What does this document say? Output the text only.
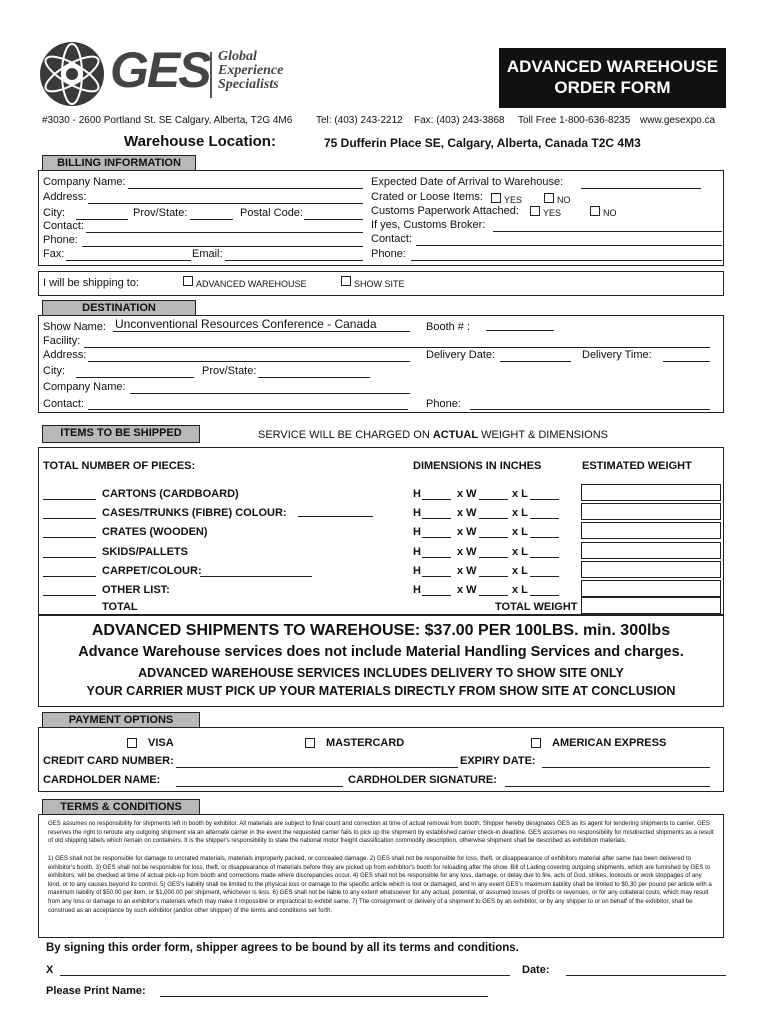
GES Global
Experience
Specialists
ADVANCED WAREHOUSE
ORDER FORM
#3030 - 2600 Portland St. SE Calgary, Alberta, T2G 4M6 Tel: (403) 243-2212 Fax: (403) 243-3868 Toll Free 1-800-636-8235 www.gesexpo.ca
Warehouse Location:	75 Dufferin Place SE, Calgary, Alberta, Canada T2C 4M3
BILLING INFORMATION
Company Name:
Address:
City:	Prov/State:	Postal Code:
Contact:
Phone:
Fax:	Email:
Expected Date of Arrival to Warehouse:
Crated or Loose Items: YES	NO
Customs Paperwork Attached:	YES	NO
If yes, Customs Broker:
Contact:
Phone:
I will be shipping to:	ADVANCED WAREHOUSE	SHOW SITE
DESTINATION
Show Name: Unconventional Resources Conference - Canada	Booth # :
Facility:
Address:	Delivery Date:	Delivery Time:
City:	Prov/State:
Company Name:
Contact:	Phone:
ITEMS TO BE SHIPPED	SERVICE WILL BE CHARGED ON ACTUAL WEIGHT & DIMENSIONS
TOTAL NUMBER OF PIECES:	DIMENSIONS IN INCHES	ESTIMATED WEIGHT
CARTONS (CARDBOARD)	H	x W	x L
CASES/TRUNKS (FIBRE) COLOUR:	H	x W	x L
CRATES (WOODEN)	H	x W	x L
SKIDS/PALLETS	H	x W	x L
CARPET/COLOUR:	H	x W	x L
OTHER LIST:	H	x W	x L
TOTAL	TOTAL WEIGHT
ADVANCED SHIPMENTS TO WAREHOUSE: $37.00 PER 100LBS. min. 300lbs
Advance Warehouse services does not include Material Handling Services and charges.
ADVANCED WAREHOUSE SERVICES INCLUDES DELIVERY TO SHOW SITE ONLY
YOUR CARRIER MUST PICK UP YOUR MATERIALS DIRECTLY FROM SHOW SITE AT CONCLUSION
PAYMENT OPTIONS
VISA	MASTERCARD	AMERICAN EXPRESS
CREDIT CARD NUMBER:	EXPIRY DATE:
CARDHOLDER NAME:	CARDHOLDER SIGNATURE:
TERMS & CONDITIONS
GES assumes no responsibility for shipments left in booth by exhibitor. All materials are subject to final count and correction at time of actual removal from booth. Shipper hereby designates GES as its agent for tendering shipments to carrier. GES reserves the right to reroute any outgoing shipment via an alternate carrier in the event the requested carrier fails to pick up the shipment by established carrier check-in deadline. GES assumes no responsibility for misdirected shipments as a result of old shipping labels which remain on containers. It is the shipper's responsibility to state the national motor freight classification commodity description, otherwise shipment shall be described as exhibition materials.
1) GES shall not be responsible for damage to uncrated materials, materials improperly packed, or concealed damage. 2) GES shall not be responsible for loss, theft, or disappearance of exhibitors material after same has been delivered to exhibitor's booth. 3) GES shall not be responsible for loss, theft, or disappearance of materials before they are picked up from exhibitor's booth for reloading after the show. Bill of Lading covering outgoing shipments, which are furnished by GES to exhibitors, will be checked at time of actual pick-up from booth and corrections made where discrepancies occur. 4) GES shall not be responsible for any loss, damage, or delay due to fire, acts of God, strikes, lockouts or work stoppages of any kind, or to any causes beyond its control. 5) GES's liability shall be limited to the physical loss or damage to the specific article which is lost or damaged, and in any event GES's maximum liability shall be limited to $0.30 per pound per article with a maximum liability of $50.00 per item, or $1,000.00 per shipment, whichever is less. 6) GES shall not be liable to any extent whatsoever for any actual, potential, or assumed losses of profits or revenues, or for any collateral costs, which may result from any loss or damage to an exhibitor's materials which may make it impossible or impractical to exhibit same. 7) The consignment or delivery of a shipment to GES by an exhibitor, or by any shipper to or on behalf of the exhibitor, shall be construed as an acceptance by such exhibitor (and/or other shipper) of the terms and conditions set forth.
By signing this order form, shipper agrees to be bound by all its terms and conditions.
X	Date:
Please Print Name:
